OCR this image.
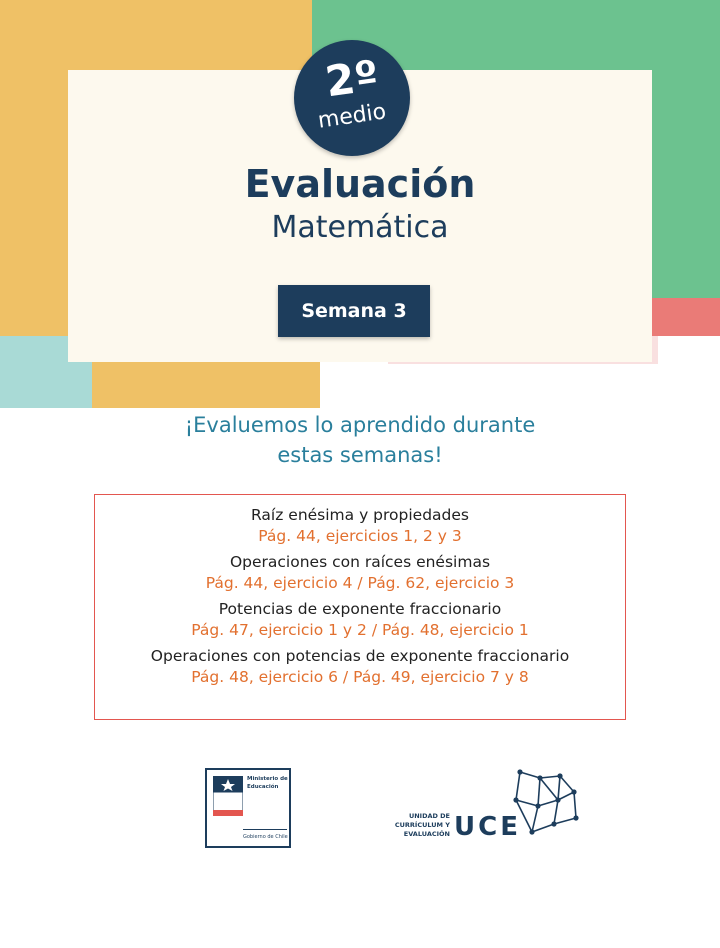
2º
medio
Evaluación
Matemática
Semana 3
¡Evaluemos lo aprendido durante
estas semanas!
Raíz enésima y propiedades
Pág. 44, ejercicios 1, 2 y 3
Operaciones con raíces enésimas
Pág. 44, ejercicio 4 / Pág. 62, ejercicio 3
Potencias de exponente fraccionario
Pág. 47, ejercicio 1 y 2 / Pág. 48, ejercicio 1
Operaciones con potencias de exponente fraccionario
Pág. 48, ejercicio 6 / Pág. 49, ejercicio 7 y 8
Ministerio de
Educación
Gobierno de Chile
UNIDAD DE
CURRÍCULUM Y
EVALUACIÓN UCE
